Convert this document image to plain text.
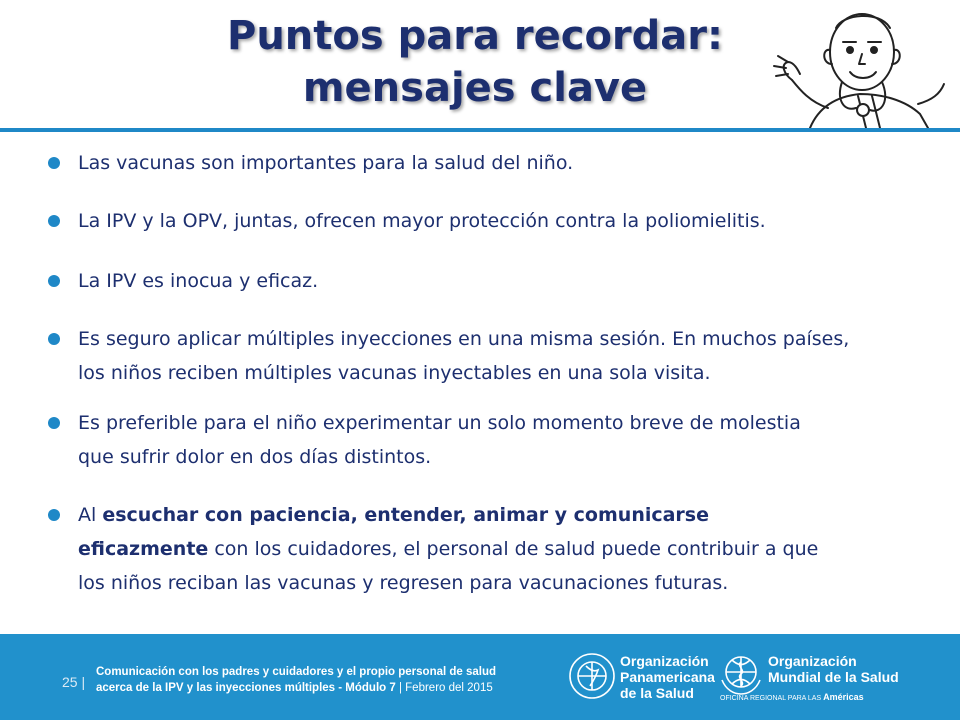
Puntos para recordar:
mensajes clave
Las vacunas son importantes para la salud del niño.
La IPV y la OPV, juntas, ofrecen mayor protección contra la poliomielitis.
La IPV es inocua y eficaz.
Es seguro aplicar múltiples inyecciones en una misma sesión. En muchos países,
los niños reciben múltiples vacunas inyectables en una sola visita.
Es preferible para el niño experimentar un solo momento breve de molestia
que sufrir dolor en dos días distintos.
Al escuchar con paciencia, entender, animar y comunicarse
eficazmente con los cuidadores, el personal de salud puede contribuir a que
los niños reciban las vacunas y regresen para vacunaciones futuras.
25 |
Comunicación con los padres y cuidadores y el propio personal de salud
acerca de la IPV y las inyecciones múltiples - Módulo 7 | Febrero del 2015
Organización
Panamericana
de la Salud
Organización
Mundial de la Salud
OFICINA REGIONAL PARA LAS Américas
